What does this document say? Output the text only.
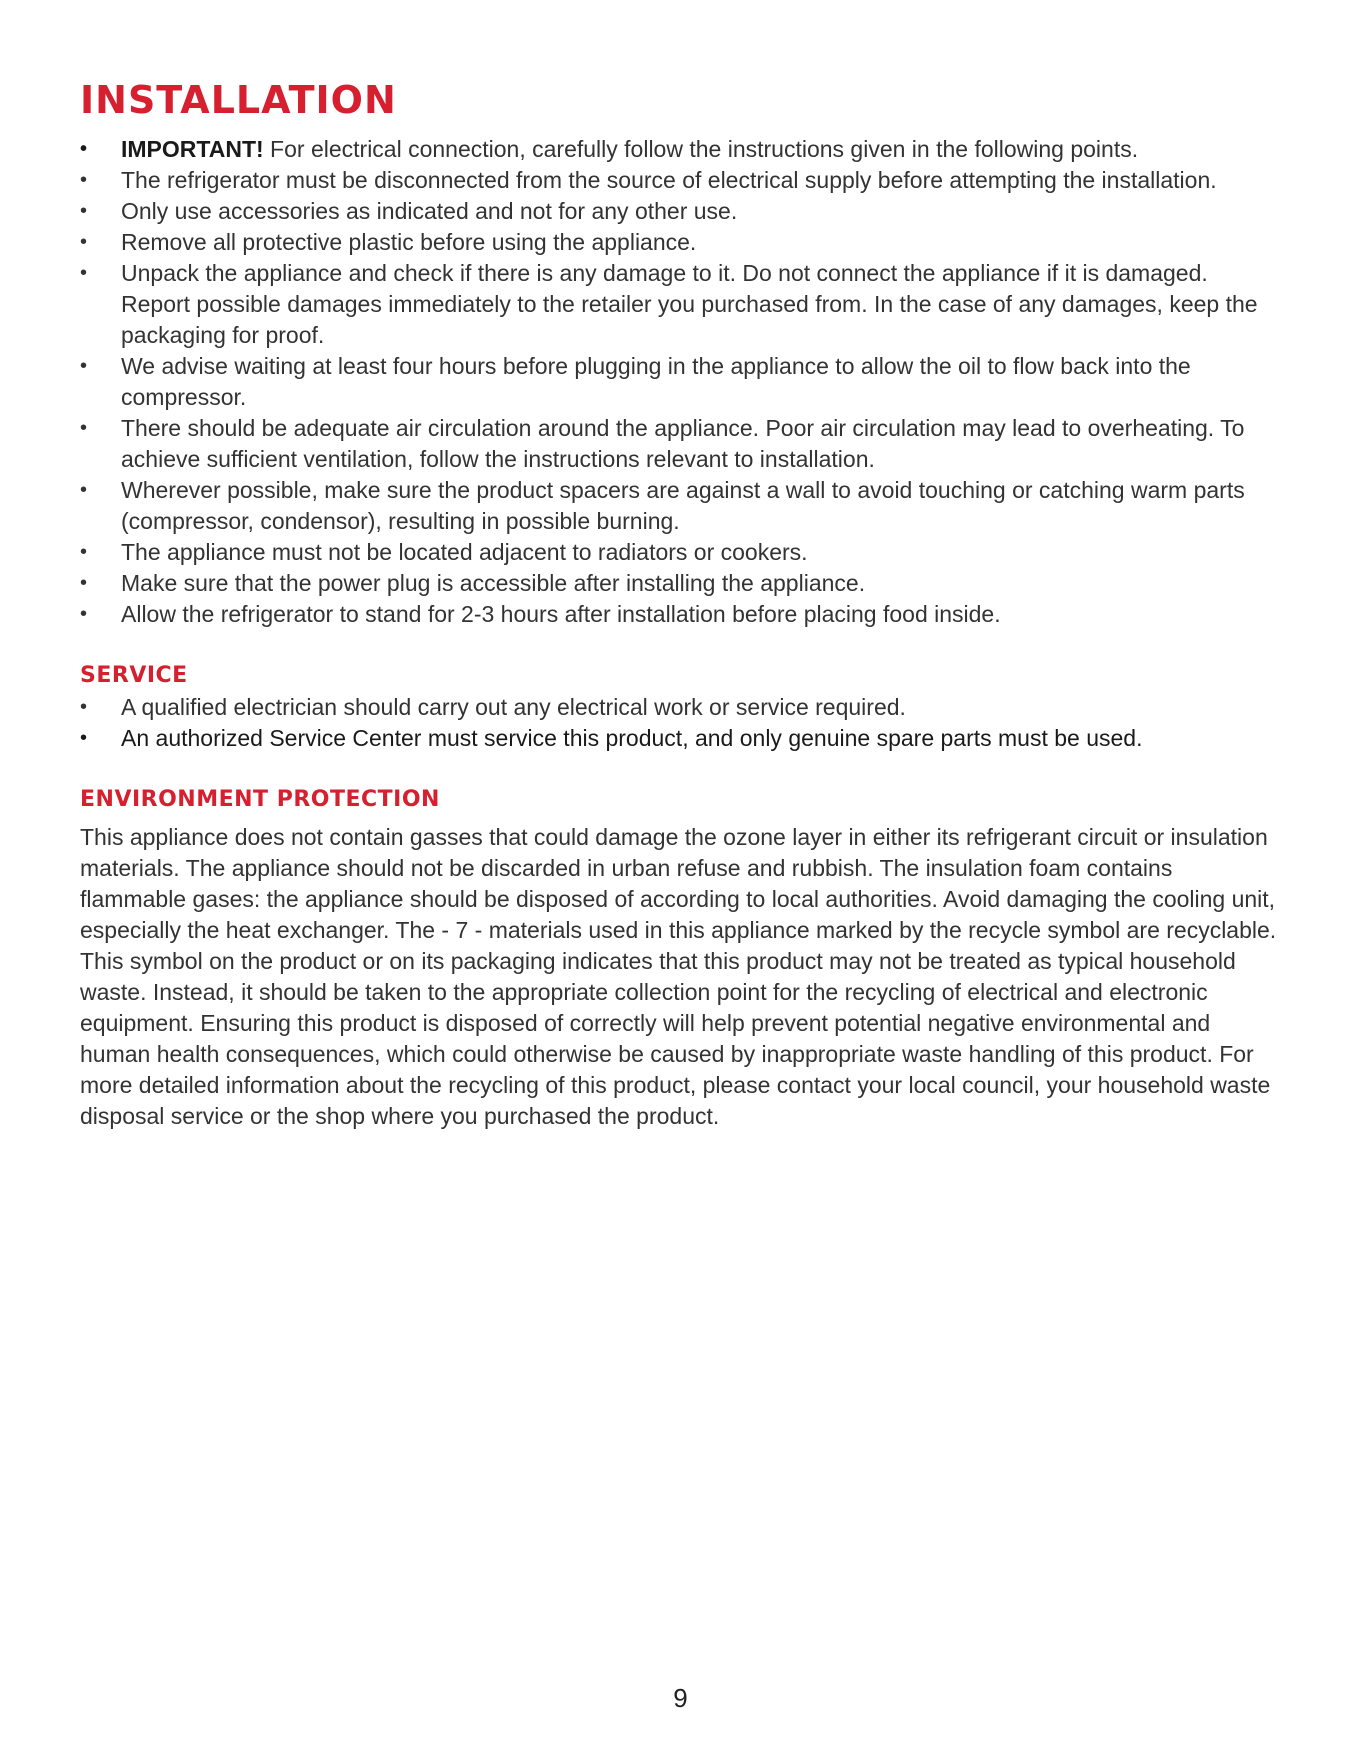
INSTALLATION
•	IMPORTANT! For electrical connection, carefully follow the instructions given in the following points.
•	The refrigerator must be disconnected from the source of electrical supply before attempting the installation.
•	Only use accessories as indicated and not for any other use.
•	Remove all protective plastic before using the appliance.
•	Unpack the appliance and check if there is any damage to it. Do not connect the appliance if it is damaged. Report possible damages immediately to the retailer you purchased from. In the case of any damages, keep the packaging for proof.
•	We advise waiting at least four hours before plugging in the appliance to allow the oil to flow back into the compressor.
•	There should be adequate air circulation around the appliance. Poor air circulation may lead to overheating. To achieve sufficient ventilation, follow the instructions relevant to installation.
•	Wherever possible, make sure the product spacers are against a wall to avoid touching or catching warm parts (compressor, condensor), resulting in possible burning.
•	The appliance must not be located adjacent to radiators or cookers.
•	Make sure that the power plug is accessible after installing the appliance.
•	Allow the refrigerator to stand for 2-3 hours after installation before placing food inside.
SERVICE
•	A qualified electrician should carry out any electrical work or service required.
•	An authorized Service Center must service this product, and only genuine spare parts must be used.
ENVIRONMENT PROTECTION

This appliance does not contain gasses that could damage the ozone layer in either its refrigerant circuit or insulation materials. The appliance should not be discarded in urban refuse and rubbish. The insulation foam contains flammable gases: the appliance should be disposed of according to local authorities. Avoid damaging the cooling unit, especially the heat exchanger. The - 7 - materials used in this appliance marked by the recycle symbol are recyclable. This symbol on the product or on its packaging indicates that this product may not be treated as typical household waste. Instead, it should be taken to the appropriate collection point for the recycling of electrical and electronic equipment. Ensuring this product is disposed of correctly will help prevent potential negative environmental and human health consequences, which could otherwise be caused by inappropriate waste handling of this product. For more detailed information about the recycling of this product, please contact your local council, your household waste disposal service or the shop where you purchased the product.

9
